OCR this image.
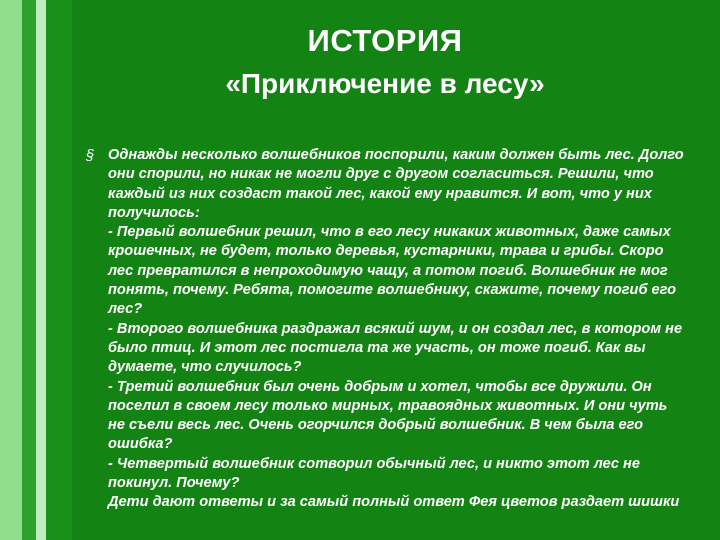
ИСТОРИЯ
«Приключение в лесу»
§ Однажды несколько волшебников поспорили, каким должен быть лес. Долго они спорили, но никак не могли друг с другом согласиться. Решили, что каждый из них создаст такой лес, какой ему нравится. И вот, что у них получилось:

- Первый волшебник решил, что в его лесу никаких животных, даже самых крошечных, не будет, только деревья, кустарники, трава и грибы. Скоро лес превратился в непроходимую чащу, а потом погиб. Волшебник не мог понять, почему. Ребята, помогите волшебнику, скажите, почему погиб его лес?

- Второго волшебника раздражал всякий шум, и он создал лес, в котором не было птиц. И этот лес постигла та же участь, он тоже погиб. Как вы думаете, что случилось?

- Третий волшебник был очень добрым и хотел, чтобы все дружили. Он поселил в своем лесу только мирных, травоядных животных. И они чуть не съели весь лес. Очень огорчился добрый волшебник. В чем была его ошибка?

- Четвертый волшебник сотворил обычный лес, и никто этот лес не покинул. Почему?

Дети дают ответы и за самый полный ответ Фея цветов раздает шишки
